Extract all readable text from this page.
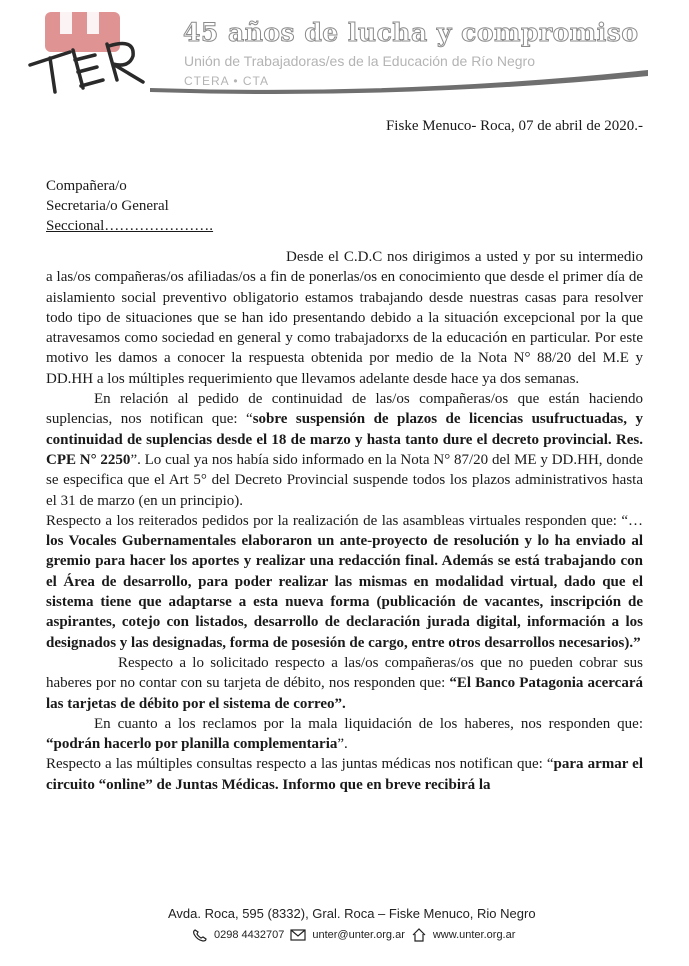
45 años de lucha y compromiso
Unión de Trabajadoras/es de la Educación de Río Negro
CTERA • CTA
Fiske Menuco- Roca, 07 de abril de 2020.-
Compañera/o
Secretaria/o General
Seccional………………….

Desde el C.D.C nos dirigimos a usted y por su intermedio a las/os compañeras/os afiliadas/os a fin de ponerlas/os en conocimiento que desde el primer día de aislamiento social preventivo obligatorio estamos trabajando desde nuestras casas para resolver todo tipo de situaciones que se han ido presentando debido a la situación excepcional por la que atravesamos como sociedad en general y como trabajadorxs de la educación en particular. Por este motivo les damos a conocer la respuesta obtenida por medio de la Nota N° 88/20 del M.E y DD.HH a los múltiples requerimiento que llevamos adelante desde hace ya dos semanas.

En relación al pedido de continuidad de las/os compañeras/os que están haciendo suplencias, nos notifican que: “sobre suspensión de plazos de licencias usufructuadas, y continuidad de suplencias desde el 18 de marzo y hasta tanto dure el decreto provincial. Res. CPE N° 2250”. Lo cual ya nos había sido informado en la Nota N° 87/20 del ME y DD.HH, donde se especifica que el Art 5° del Decreto Provincial suspende todos los plazos administrativos hasta el 31 de marzo (en un principio).

Respecto a los reiterados pedidos por la realización de las asambleas virtuales responden que: “…los Vocales Gubernamentales elaboraron un ante-proyecto de resolución y lo ha enviado al gremio para hacer los aportes y realizar una redacción final. Además se está trabajando con el Área de desarrollo, para poder realizar las mismas en modalidad virtual, dado que el sistema tiene que adaptarse a esta nueva forma (publicación de vacantes, inscripción de aspirantes, cotejo con listados, desarrollo de declaración jurada digital, información a los designados y las designadas, forma de posesión de cargo, entre otros desarrollos necesarios).”

Respecto a lo solicitado respecto a las/os compañeras/os que no pueden cobrar sus haberes por no contar con su tarjeta de débito, nos responden que: “El Banco Patagonia acercará las tarjetas de débito por el sistema de correo”.

En cuanto a los reclamos por la mala liquidación de los haberes, nos responden que: “podrán hacerlo por planilla complementaria”.

Respecto a las múltiples consultas respecto a las juntas médicas nos notifican que: “para armar el circuito “online” de Juntas Médicas. Informo que en breve recibirá la

Avda. Roca, 595 (8332), Gral. Roca – Fiske Menuco, Rio Negro
0298 4432707	unter@unter.org.ar	www.unter.org.ar
